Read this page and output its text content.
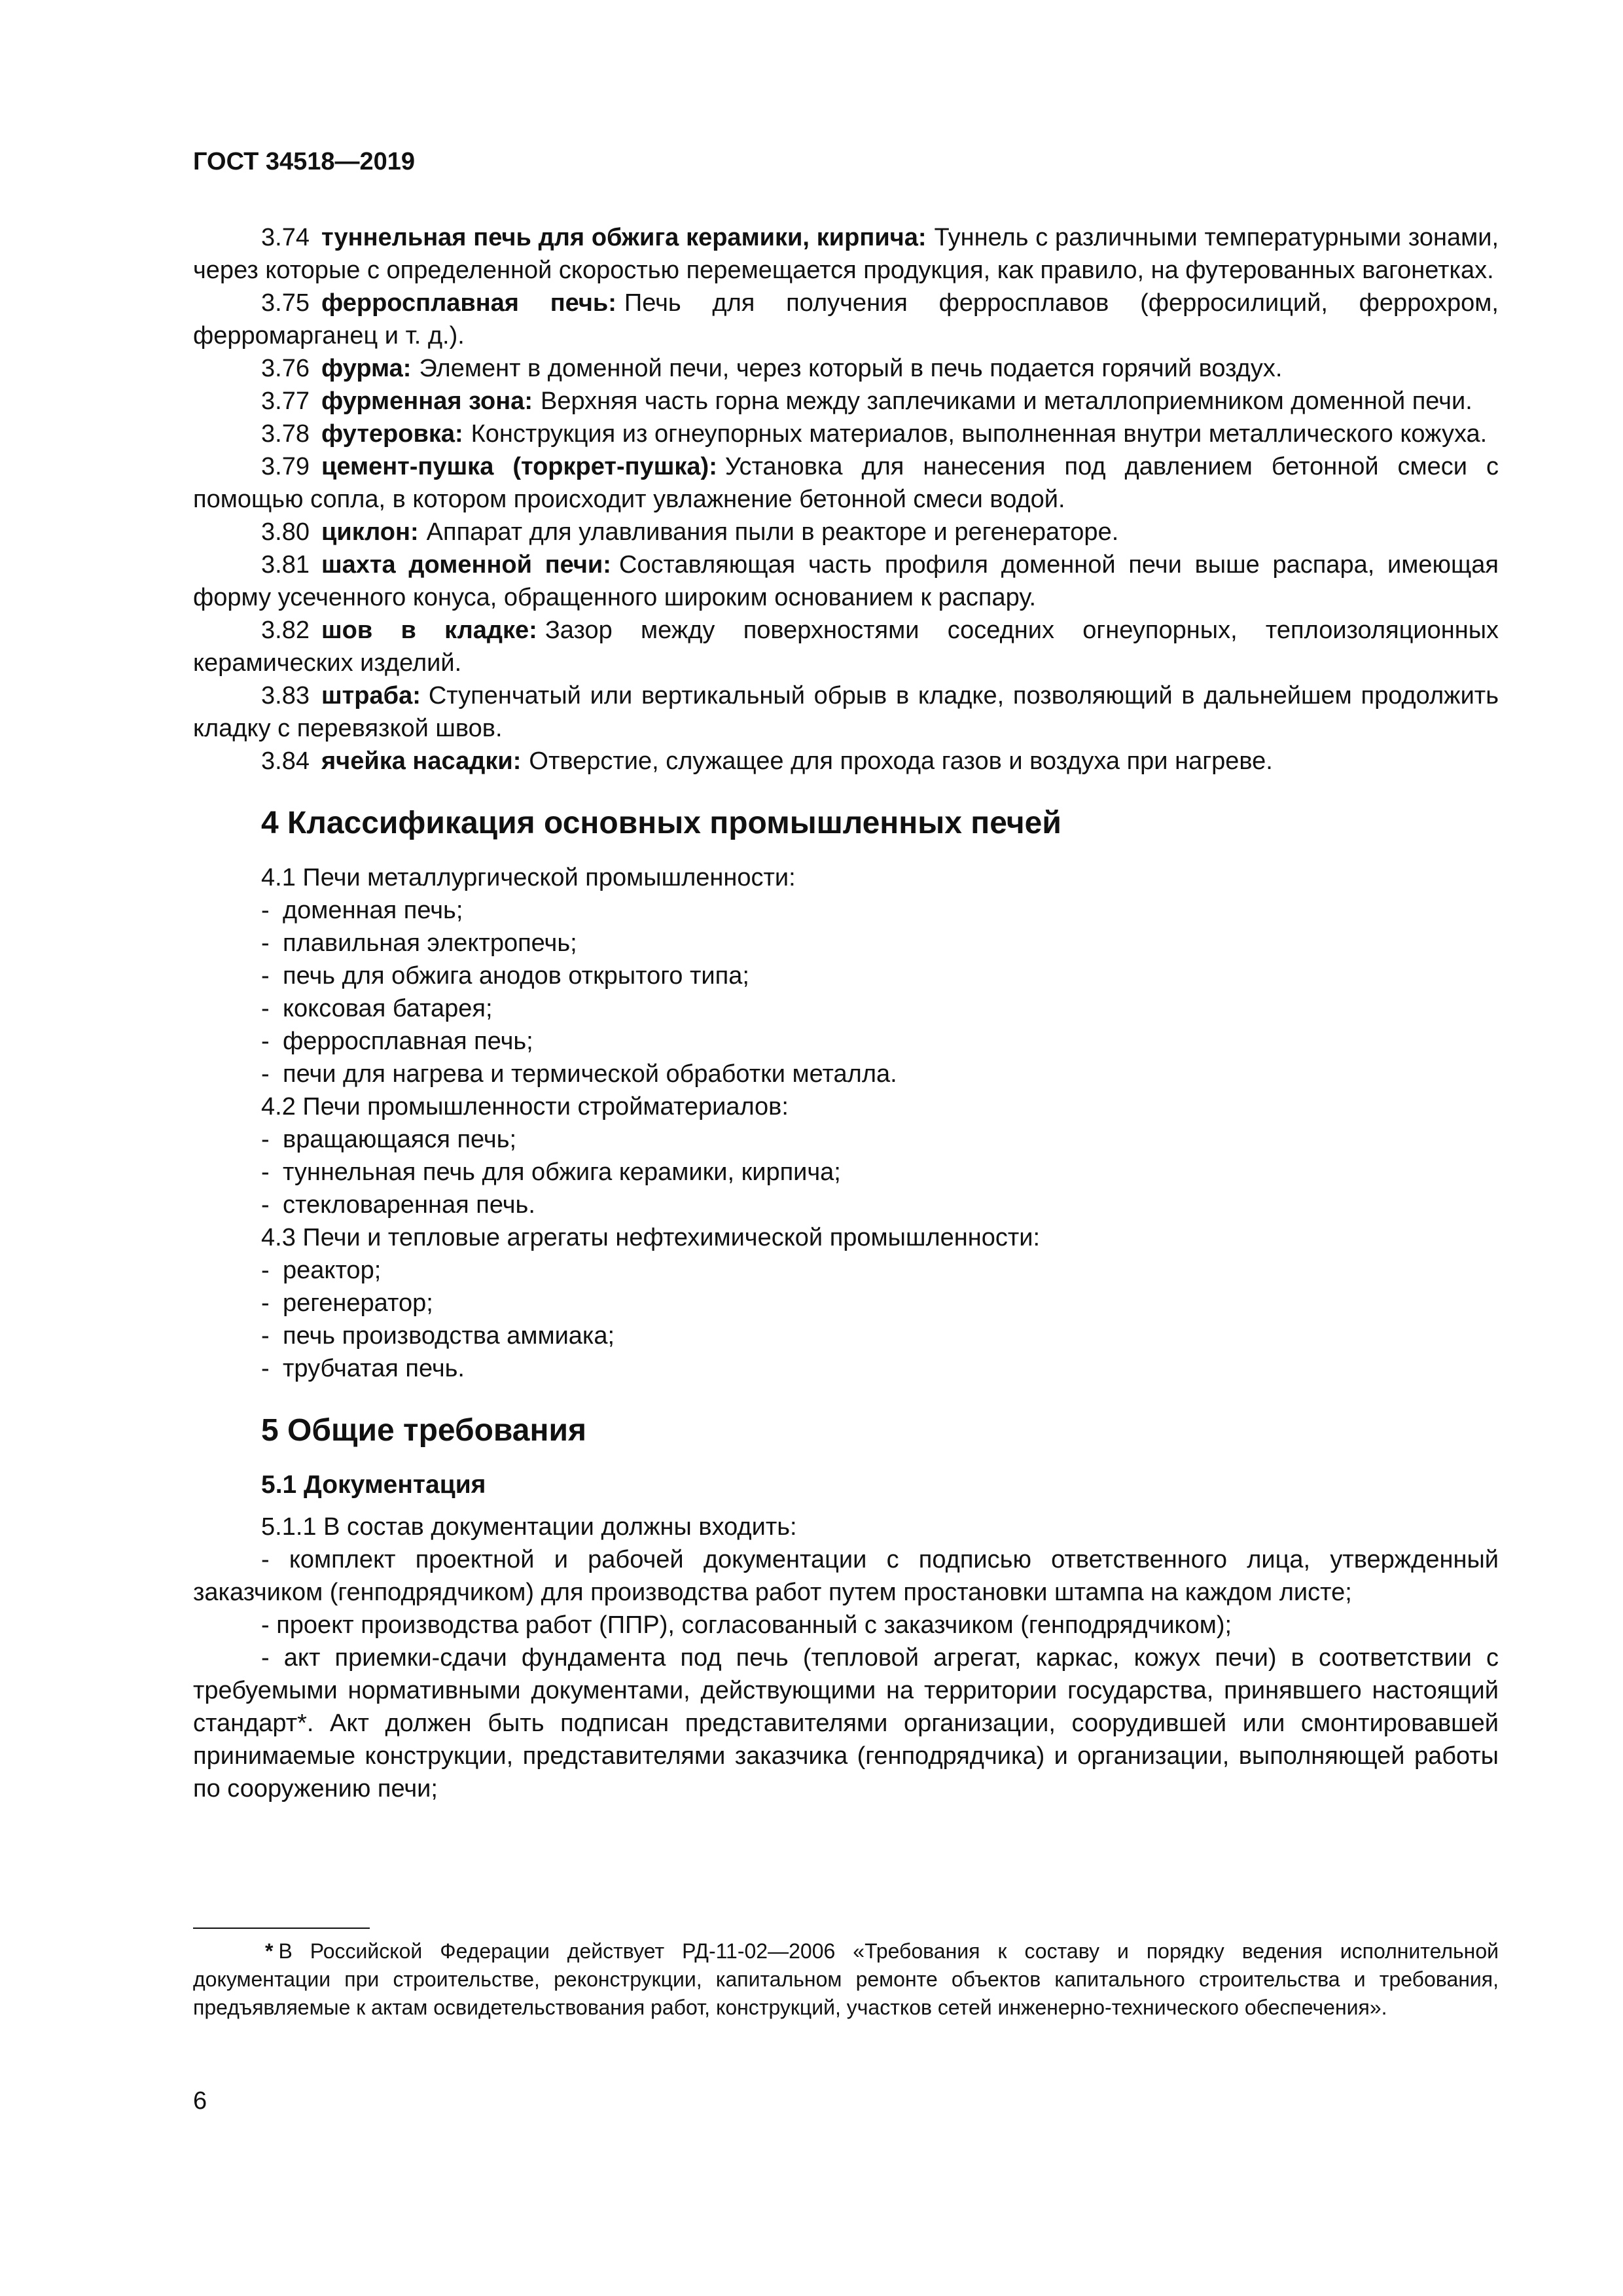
ГОСТ 34518—2019

3.74 туннельная печь для обжига керамики, кирпича: Туннель с различными температурными зонами, через которые с определенной скоростью перемещается продукция, как правило, на футерованных вагонетках.

3.75 ферросплавная печь: Печь для получения ферросплавов (ферросилиций, феррохром, ферромарганец и т. д.).

3.76 фурма: Элемент в доменной печи, через который в печь подается горячий воздух.

3.77 фурменная зона: Верхняя часть горна между заплечиками и металлоприемником доменной печи.

3.78 футеровка: Конструкция из огнеупорных материалов, выполненная внутри металлического кожуха.

3.79 цемент-пушка (торкрет-пушка): Установка для нанесения под давлением бетонной смеси с помощью сопла, в котором происходит увлажнение бетонной смеси водой.

3.80 циклон: Аппарат для улавливания пыли в реакторе и регенераторе.

3.81 шахта доменной печи: Составляющая часть профиля доменной печи выше распара, имеющая форму усеченного конуса, обращенного широким основанием к распару.

3.82 шов в кладке: Зазор между поверхностями соседних огнеупорных, теплоизоляционных керамических изделий.

3.83 штраба: Ступенчатый или вертикальный обрыв в кладке, позволяющий в дальнейшем продолжить кладку с перевязкой швов.

3.84 ячейка насадки: Отверстие, служащее для прохода газов и воздуха при нагреве.

4 Классификация основных промышленных печей

4.1 Печи металлургической промышленности:

- доменная печь;

- плавильная электропечь;

- печь для обжига анодов открытого типа;

- коксовая батарея;

- ферросплавная печь;

- печи для нагрева и термической обработки металла.

4.2 Печи промышленности стройматериалов:

- вращающаяся печь;

- туннельная печь для обжига керамики, кирпича;

- стекловаренная печь.

4.3 Печи и тепловые агрегаты нефтехимической промышленности:

- реактор;

- регенератор;

- печь производства аммиака;

- трубчатая печь.

5 Общие требования
5.1 Документация

5.1.1 В состав документации должны входить:

- комплект проектной и рабочей документации с подписью ответственного лица, утвержденный заказчиком (генподрядчиком) для производства работ путем простановки штампа на каждом листе;

- проект производства работ (ППР), согласованный с заказчиком (генподрядчиком);

- акт приемки-сдачи фундамента под печь (тепловой агрегат, каркас, кожух печи) в соответствии с требуемыми нормативными документами, действующими на территории государства, принявшего настоящий стандарт*. Акт должен быть подписан представителями организации, соорудившей или смонтировавшей принимаемые конструкции, представителями заказчика (генподрядчика) и организации, выполняющей работы по сооружению печи;

* В Российской Федерации действует РД-11-02—2006 «Требования к составу и порядку ведения исполнительной документации при строительстве, реконструкции, капитальном ремонте объектов капитального строительства и требования, предъявляемые к актам освидетельствования работ, конструкций, участков сетей инженерно-технического обеспечения».
6
